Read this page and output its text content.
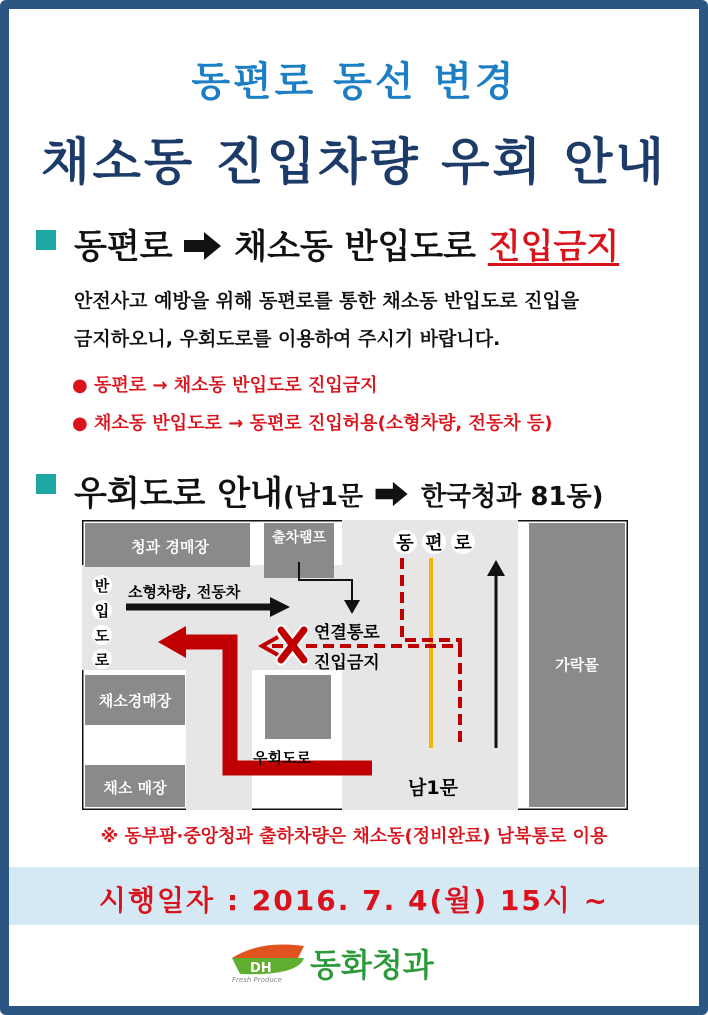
동편로 동선 변경
채소동 진입차량 우회 안내
동편로 채소동 반입도로 진입금지
안전사고 예방을 위해 동편로를 통한 채소동 반입도로 진입을
금지하오니, 우회도로를 이용하여 주시기 바랍니다.
● 동편로 → 채소동 반입도로 진입금지
● 채소동 반입도로 → 동편로 진입허용(소형차량, 전동차 등)
우회도로 안내(남1문 한국청과 81동)
청과 경매장	출차램프
채소경매장
채소 매장
가락몰
반
입
도
로
동 편 로
소형차량, 전동차
연결통로
진입금지
우회도로
남1문
※ 동부팜·중앙청과 출하차량은 채소동(정비완료) 남북통로 이용
시행일자 : 2016. 7. 4(월) 15시 ~
DH
Fresh Produce 동화청과
